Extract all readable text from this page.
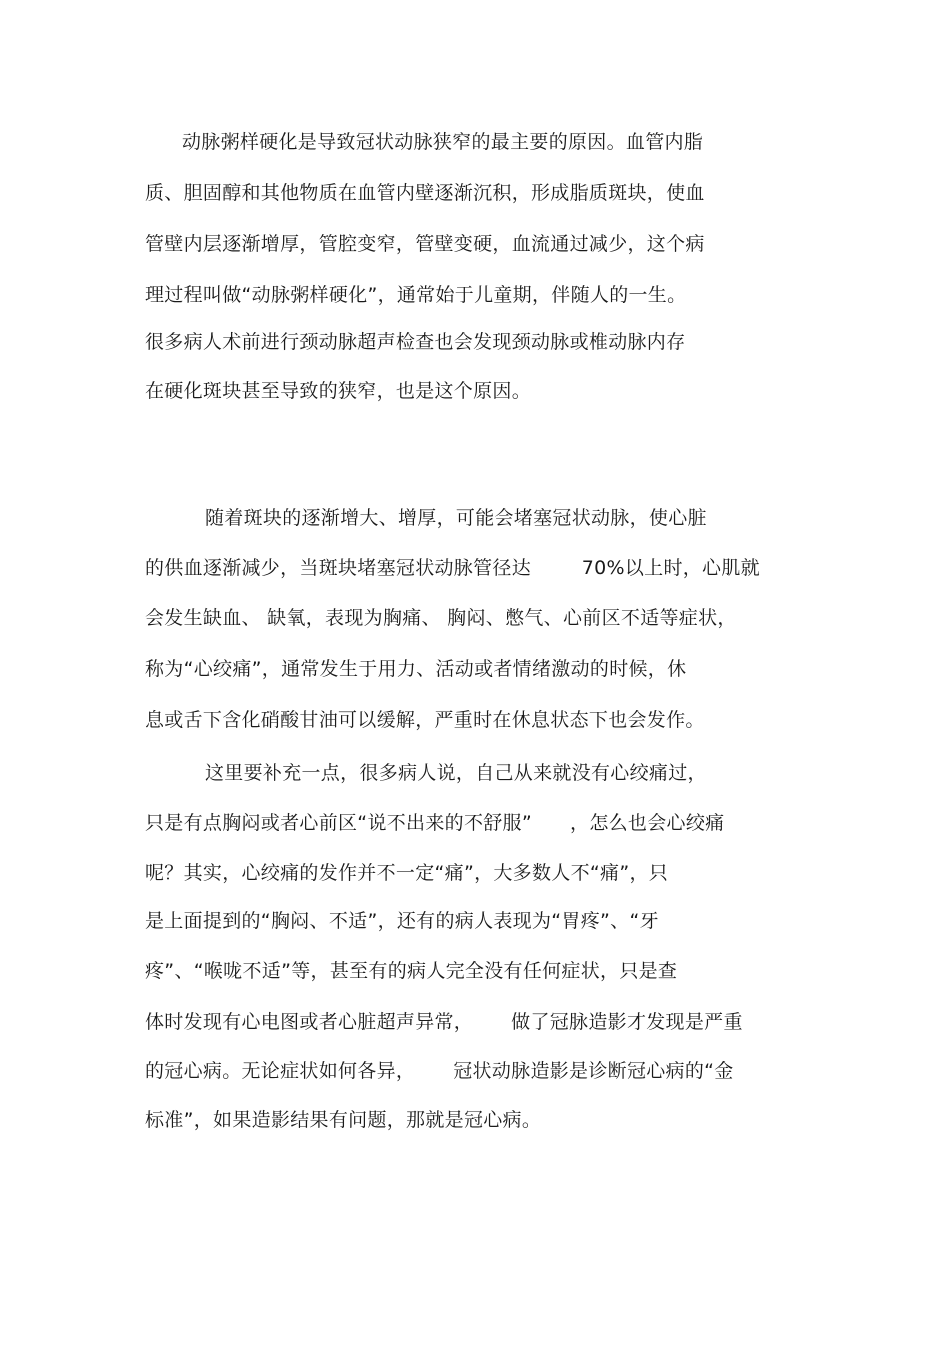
动脉粥样硬化是导致冠状动脉狭窄的最主要的原因。血管内脂
质、胆固醇和其他物质在血管内壁逐渐沉积，形成脂质斑块，使血
管壁内层逐渐增厚，管腔变窄，管壁变硬，血流通过减少，这个病
理过程叫做“动脉粥样硬化”，通常始于儿童期，伴随人的一生。
很多病人术前进行颈动脉超声检查也会发现颈动脉或椎动脉内存
在硬化斑块甚至导致的狭窄，也是这个原因。
随着斑块的逐渐增大、增厚，可能会堵塞冠状动脉，使心脏
的供血逐渐减少，当斑块堵塞冠状动脉管径达        70%以上时，心肌就
会发生缺血、 缺氧，表现为胸痛、 胸闷、憋气、心前区不适等症状，
称为“心绞痛”，通常发生于用力、活动或者情绪激动的时候，休
息或舌下含化硝酸甘油可以缓解，严重时在休息状态下也会发作。
这里要补充一点，很多病人说，自己从来就没有心绞痛过，
只是有点胸闷或者心前区“说不出来的不舒服”      ，怎么也会心绞痛
呢？其实，心绞痛的发作并不一定“痛”，大多数人不“痛”，只
是上面提到的“胸闷、不适”，还有的病人表现为“胃疼”、“牙
疼”、“喉咙不适”等，甚至有的病人完全没有任何症状，只是查
体时发现有心电图或者心脏超声异常，      做了冠脉造影才发现是严重
的冠心病。无论症状如何各异，      冠状动脉造影是诊断冠心病的“金
标准”，如果造影结果有问题，那就是冠心病。
